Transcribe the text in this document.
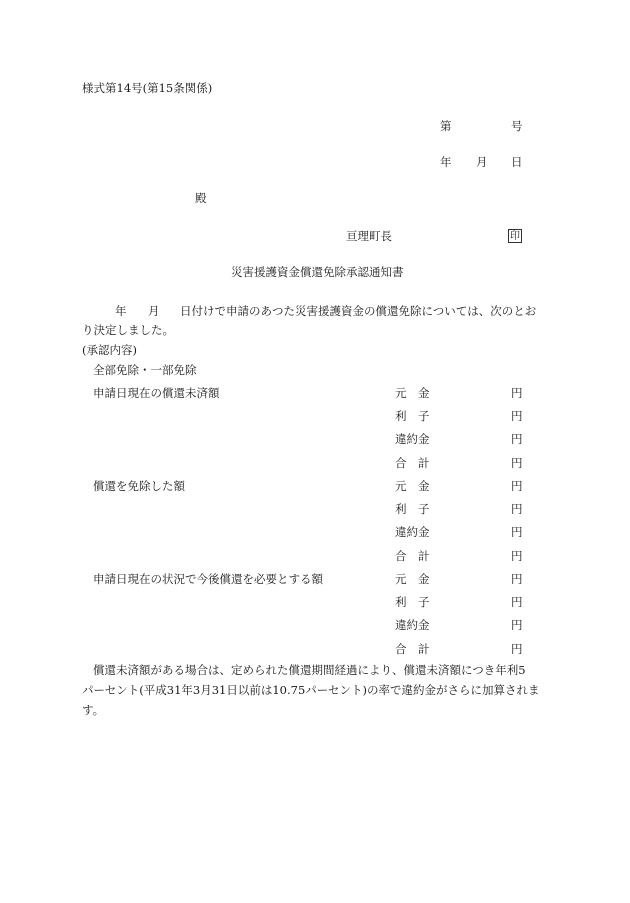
様式第14号(第15条関係)
第	号
年 月 日
殿
亘理町長	印
災害援護資金償還免除承認通知書
年 月 日付けで申請のあつた災害援護資金の償還免除については、次のとお
り決定しました。
(承認内容)
全部免除・一部免除
申請日現在の償還未済額	元　金	円
利　子	円
違約金	円
合　計	円
償還を免除した額	元　金	円
利　子	円
違約金	円
合　計	円
申請日現在の状況で今後償還を必要とする額	元　金	円
利　子	円
違約金	円
合　計	円
償還未済額がある場合は、定められた償還期間経過により、償還未済額につき年利5
パーセント(平成31年3月31日以前は10.75パーセント)の率で違約金がさらに加算されま
す。
